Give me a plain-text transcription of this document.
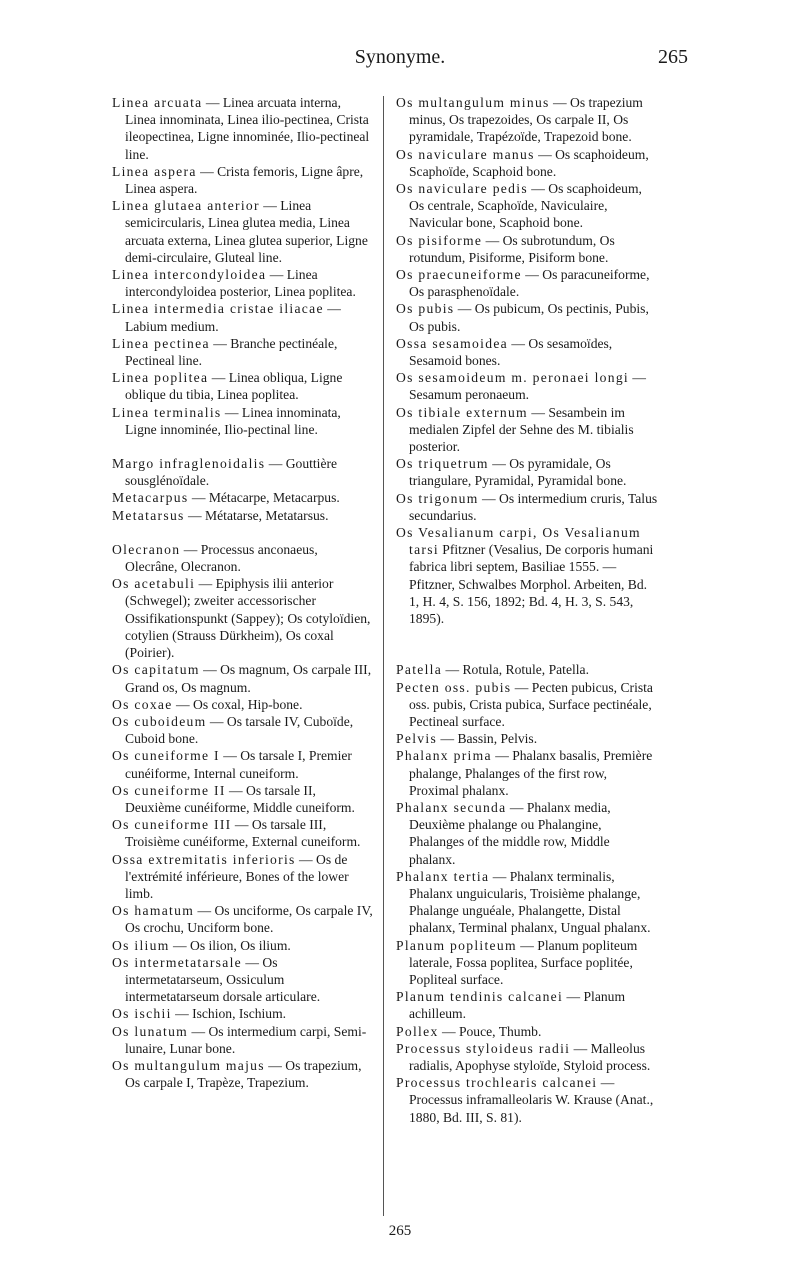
Synonyme.	265
Linea arcuata — Linea arcuata interna, Linea innominata, Linea ilio-pectinea, Crista ileopectinea, Ligne innominée, Ilio-pectineal line.
Linea aspera — Crista femoris, Ligne âpre, Linea aspera.
Linea glutaea anterior — Linea semicircularis, Linea glutea media, Linea arcuata externa, Linea glutea superior, Ligne demi-circulaire, Gluteal line.
Linea intercondyloidea — Linea intercondyloidea posterior, Linea poplitea.
Linea intermedia cristae iliacae — Labium medium.
Linea pectinea — Branche pectinéale, Pectineal line.
Linea poplitea — Linea obliqua, Ligne oblique du tibia, Linea poplitea.
Linea terminalis — Linea innominata, Ligne innominée, Ilio-pectinal line.
Margo infraglenoidalis — Gouttière sousglénoïdale.
Metacarpus — Métacarpe, Metacarpus.
Metatarsus — Métatarse, Metatarsus.
Olecranon — Processus anconaeus, Olecrâne, Olecranon.
Os acetabuli — Epiphysis ilii anterior (Schwegel); zweiter accessorischer Ossifikationspunkt (Sappey); Os cotyloïdien, cotylien (Strauss Dürkheim), Os coxal (Poirier).
Os capitatum — Os magnum, Os carpale III, Grand os, Os magnum.
Os coxae — Os coxal, Hip-bone.
Os cuboideum — Os tarsale IV, Cuboïde, Cuboid bone.
Os cuneiforme I — Os tarsale I, Premier cunéiforme, Internal cuneiform.
Os cuneiforme II — Os tarsale II, Deuxième cunéiforme, Middle cuneiform.
Os cuneiforme III — Os tarsale III, Troisième cunéiforme, External cuneiform.
Ossa extremitatis inferioris — Os de l'extrémité inférieure, Bones of the lower limb.
Os hamatum — Os unciforme, Os carpale IV, Os crochu, Unciform bone.
Os ilium — Os ilion, Os ilium.
Os intermetatarsale — Os intermetatarseum, Ossiculum intermetatarseum dorsale articulare.
Os ischii — Ischion, Ischium.
Os lunatum — Os intermedium carpi, Semi-lunaire, Lunar bone.
Os multangulum majus — Os trapezium, Os carpale I, Trapèze, Trapezium.
Os multangulum minus — Os trapezium minus, Os trapezoides, Os carpale II, Os pyramidale, Trapézoïde, Trapezoid bone.
Os naviculare manus — Os scaphoideum, Scaphoïde, Scaphoid bone.
Os naviculare pedis — Os scaphoideum, Os centrale, Scaphoïde, Naviculaire, Navicular bone, Scaphoid bone.
Os pisiforme — Os subrotundum, Os rotundum, Pisiforme, Pisiform bone.
Os praecuneiforme — Os paracuneiforme, Os parasphenoïdale.
Os pubis — Os pubicum, Os pectinis, Pubis, Os pubis.
Ossa sesamoidea — Os sesamoïdes, Sesamoid bones.
Os sesamoideum m. peronaei longi — Sesamum peronaeum.
Os tibiale externum — Sesambein im medialen Zipfel der Sehne des M. tibialis posterior.
Os triquetrum — Os pyramidale, Os triangulare, Pyramidal, Pyramidal bone.
Os trigonum — Os intermedium cruris, Talus secundarius.
Os Vesalianum carpi, Os Vesalianum tarsi Pfitzner (Vesalius, De corporis humani fabrica libri septem, Basiliae 1555. — Pfitzner, Schwalbes Morphol. Arbeiten, Bd. 1, H. 4, S. 156, 1892; Bd. 4, H. 3, S. 543, 1895).
Patella — Rotula, Rotule, Patella.
Pecten oss. pubis — Pecten pubicus, Crista oss. pubis, Crista pubica, Surface pectinéale, Pectineal surface.
Pelvis — Bassin, Pelvis.
Phalanx prima — Phalanx basalis, Première phalange, Phalanges of the first row, Proximal phalanx.
Phalanx secunda — Phalanx media, Deuxième phalange ou Phalangine, Phalanges of the middle row, Middle phalanx.
Phalanx tertia — Phalanx terminalis, Phalanx unguicularis, Troisième phalange, Phalange unguéale, Phalangette, Distal phalanx, Terminal phalanx, Ungual phalanx.
Planum popliteum — Planum popliteum laterale, Fossa poplitea, Surface poplitée, Popliteal surface.
Planum tendinis calcanei — Planum achilleum.
Pollex — Pouce, Thumb.
Processus styloideus radii — Malleolus radialis, Apophyse styloïde, Styloid process.
Processus trochlearis calcanei — Processus inframalleolaris W. Krause (Anat., 1880, Bd. III, S. 81).
265
